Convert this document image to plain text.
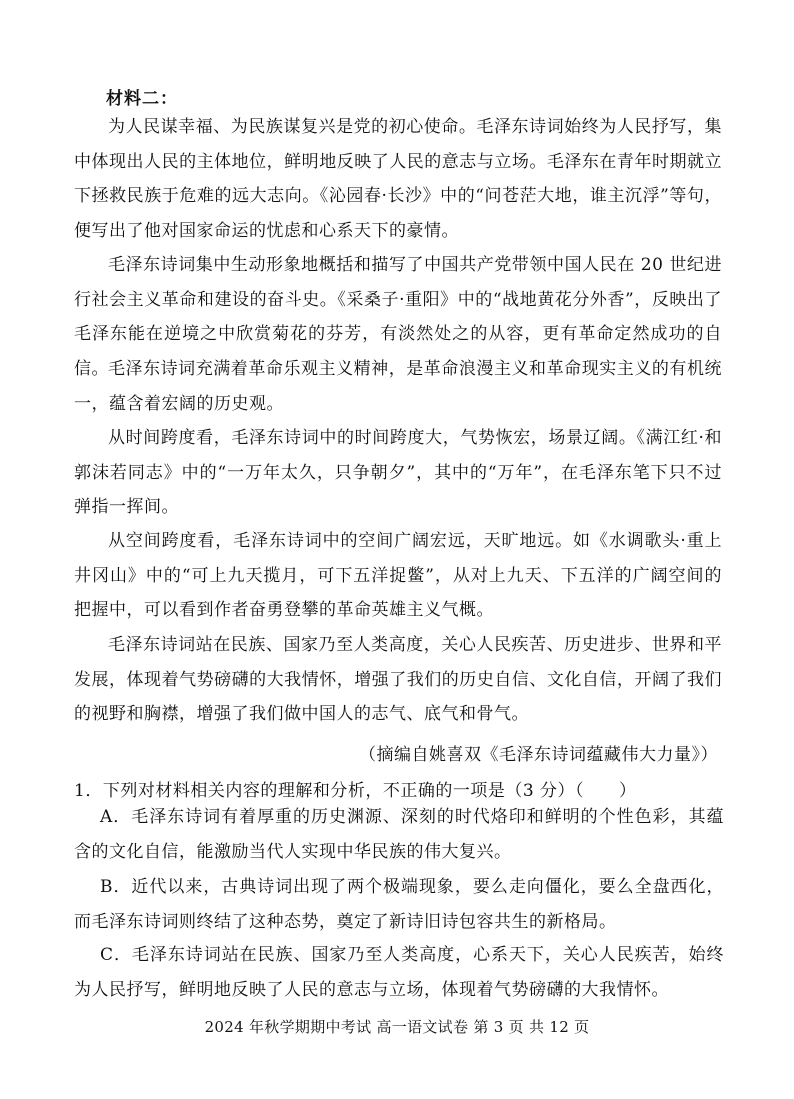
材料二：

为人民谋幸福、为民族谋复兴是党的初心使命。毛泽东诗词始终为人民抒写，集中体现出人民的主体地位，鲜明地反映了人民的意志与立场。毛泽东在青年时期就立下拯救民族于危难的远大志向。《沁园春·长沙》中的“问苍茫大地，谁主沉浮”等句，便写出了他对国家命运的忧虑和心系天下的豪情。

毛泽东诗词集中生动形象地概括和描写了中国共产党带领中国人民在 20 世纪进行社会主义革命和建设的奋斗史。《采桑子·重阳》中的“战地黄花分外香”，反映出了毛泽东能在逆境之中欣赏菊花的芬芳，有淡然处之的从容，更有革命定然成功的自信。 毛泽东诗词充满着革命乐观主义精神，是革命浪漫主义和革命现实主义的有机统一，蕴含着宏阔的历史观。

从时间跨度看，毛泽东诗词中的时间跨度大，气势恢宏，场景辽阔。《满江红·和郭沫若同志》中的“一万年太久，只争朝夕”，其中的“万年”，在毛泽东笔下只不过弹指一挥间。

从空间跨度看，毛泽东诗词中的空间广阔宏远，天旷地远。如《水调歌头·重上井冈山》中的“可上九天揽月，可下五洋捉鳖”，从对上九天、下五洋的广阔空间的把握中，可以看到作者奋勇登攀的革命英雄主义气概。

毛泽东诗词站在民族、国家乃至人类高度，关心人民疾苦、历史进步、世界和平发展，体现着气势磅礴的大我情怀，增强了我们的历史自信、文化自信，开阔了我们的视野和胸襟，增强了我们做中国人的志气、底气和骨气。

（摘编自姚喜双《毛泽东诗词蕴藏伟大力量》）
1．下列对材料相关内容的理解和分析，不正确的一项是（3 分）（　　）

A．毛泽东诗词有着厚重的历史渊源、深刻的时代烙印和鲜明的个性色彩，其蕴含的文化自信，能激励当代人实现中华民族的伟大复兴。

B．近代以来，古典诗词出现了两个极端现象，要么走向僵化，要么全盘西化，而毛泽东诗词则终结了这种态势，奠定了新诗旧诗包容共生的新格局。

C．毛泽东诗词站在民族、国家乃至人类高度，心系天下，关心人民疾苦，始终为人民抒写，鲜明地反映了人民的意志与立场，体现着气势磅礴的大我情怀。

2024 年秋学期期中考试 高一语文试卷 第 3 页 共 12 页
